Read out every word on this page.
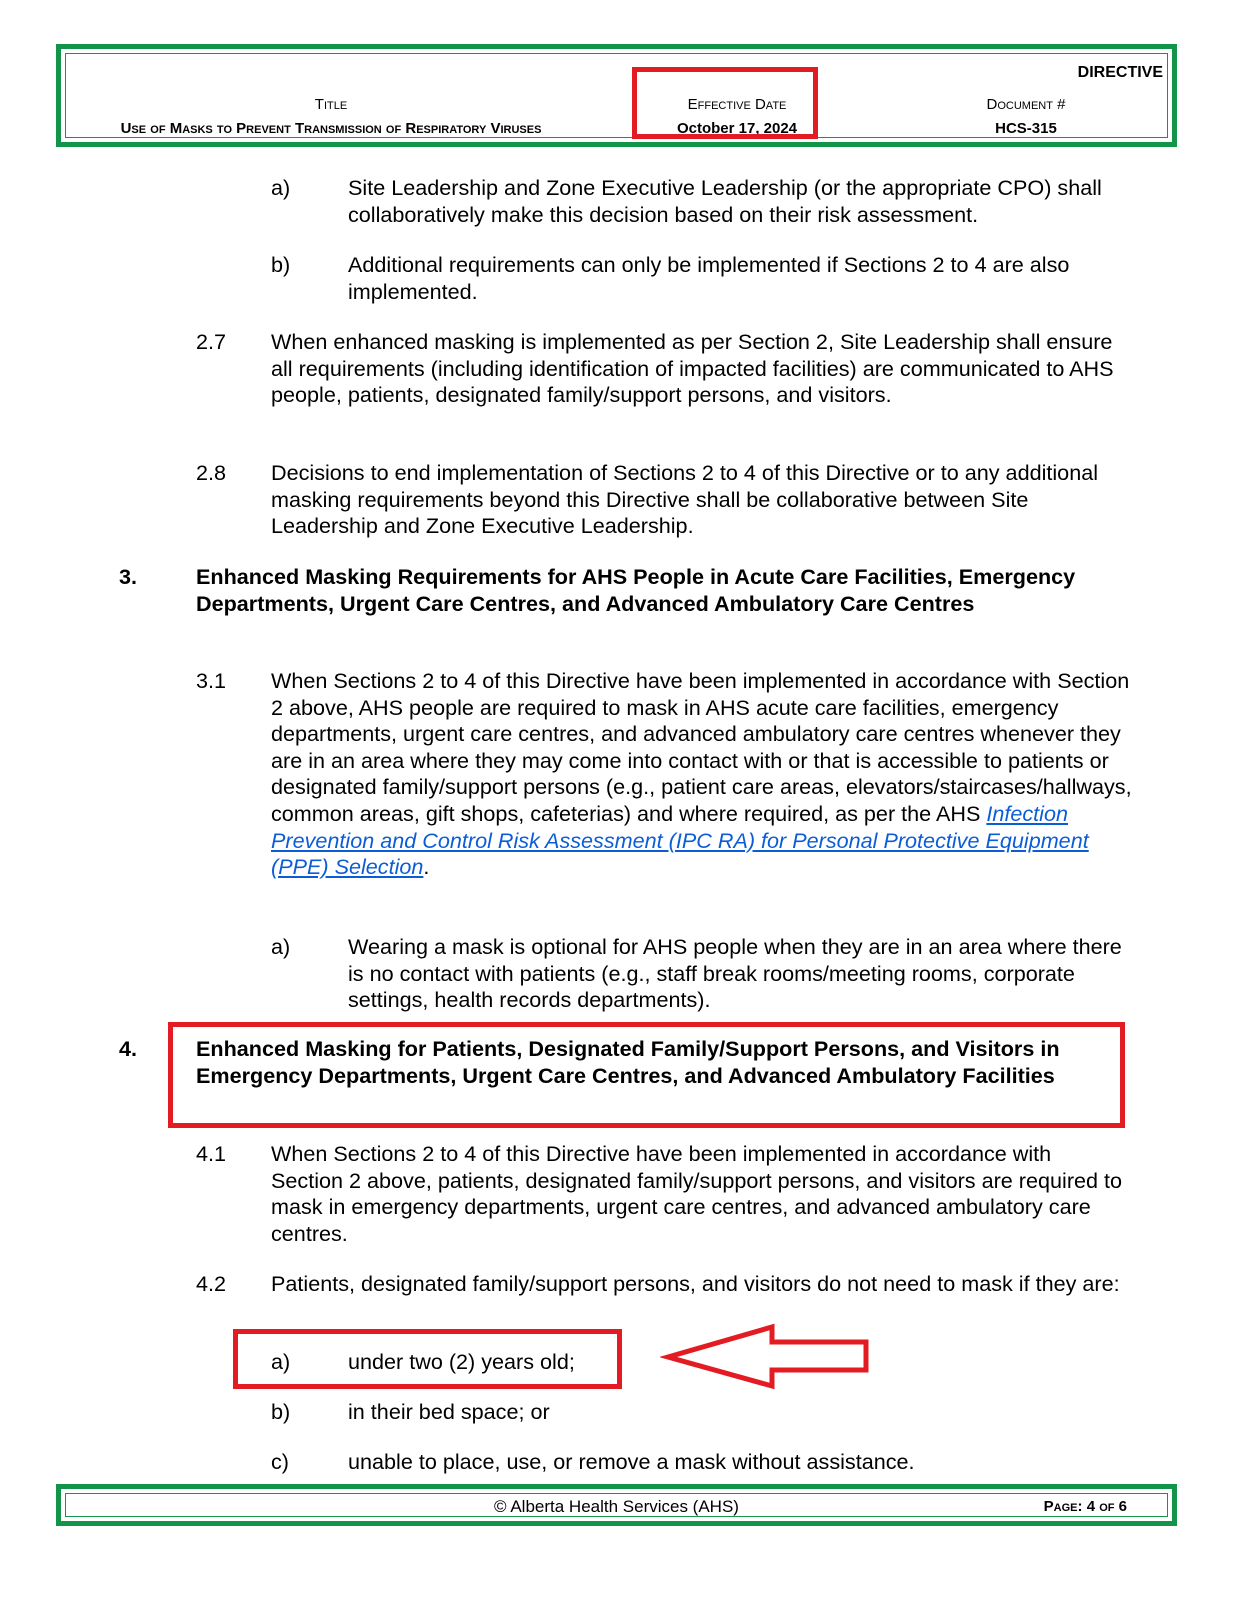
DIRECTIVE
Title
Use of Masks to Prevent Transmission of Respiratory Viruses
Effective Date
October 17, 2024
Document #
HCS-315
a)	Site Leadership and Zone Executive Leadership (or the appropriate CPO) shall collaboratively make this decision based on their risk assessment.
b)	Additional requirements can only be implemented if Sections 2 to 4 are also implemented.
2.7 When enhanced masking is implemented as per Section 2, Site Leadership shall ensure all requirements (including identification of impacted facilities) are communicated to AHS people, patients, designated family/support persons, and visitors.
2.8 Decisions to end implementation of Sections 2 to 4 of this Directive or to any additional masking requirements beyond this Directive shall be collaborative between Site Leadership and Zone Executive Leadership.
3.	Enhanced Masking Requirements for AHS People in Acute Care Facilities, Emergency Departments, Urgent Care Centres, and Advanced Ambulatory Care Centres
3.1 When Sections 2 to 4 of this Directive have been implemented in accordance with Section 2 above, AHS people are required to mask in AHS acute care facilities, emergency departments, urgent care centres, and advanced ambulatory care centres whenever they are in an area where they may come into contact with or that is accessible to patients or designated family/support persons (e.g., patient care areas, elevators/staircases/hallways, common areas, gift shops, cafeterias) and where required, as per the AHS Infection Prevention and Control Risk Assessment (IPC RA) for Personal Protective Equipment (PPE) Selection.
a)	Wearing a mask is optional for AHS people when they are in an area where there is no contact with patients (e.g., staff break rooms/meeting rooms, corporate settings, health records departments).
4.	Enhanced Masking for Patients, Designated Family/Support Persons, and Visitors in Emergency Departments, Urgent Care Centres, and Advanced Ambulatory Facilities
4.1 When Sections 2 to 4 of this Directive have been implemented in accordance with Section 2 above, patients, designated family/support persons, and visitors are required to mask in emergency departments, urgent care centres, and advanced ambulatory care centres.
4.2 Patients, designated family/support persons, and visitors do not need to mask if they are:
a)	under two (2) years old;
b)	in their bed space; or
c)	unable to place, use, or remove a mask without assistance.
© Alberta Health Services (AHS)	Page: 4 of 6
